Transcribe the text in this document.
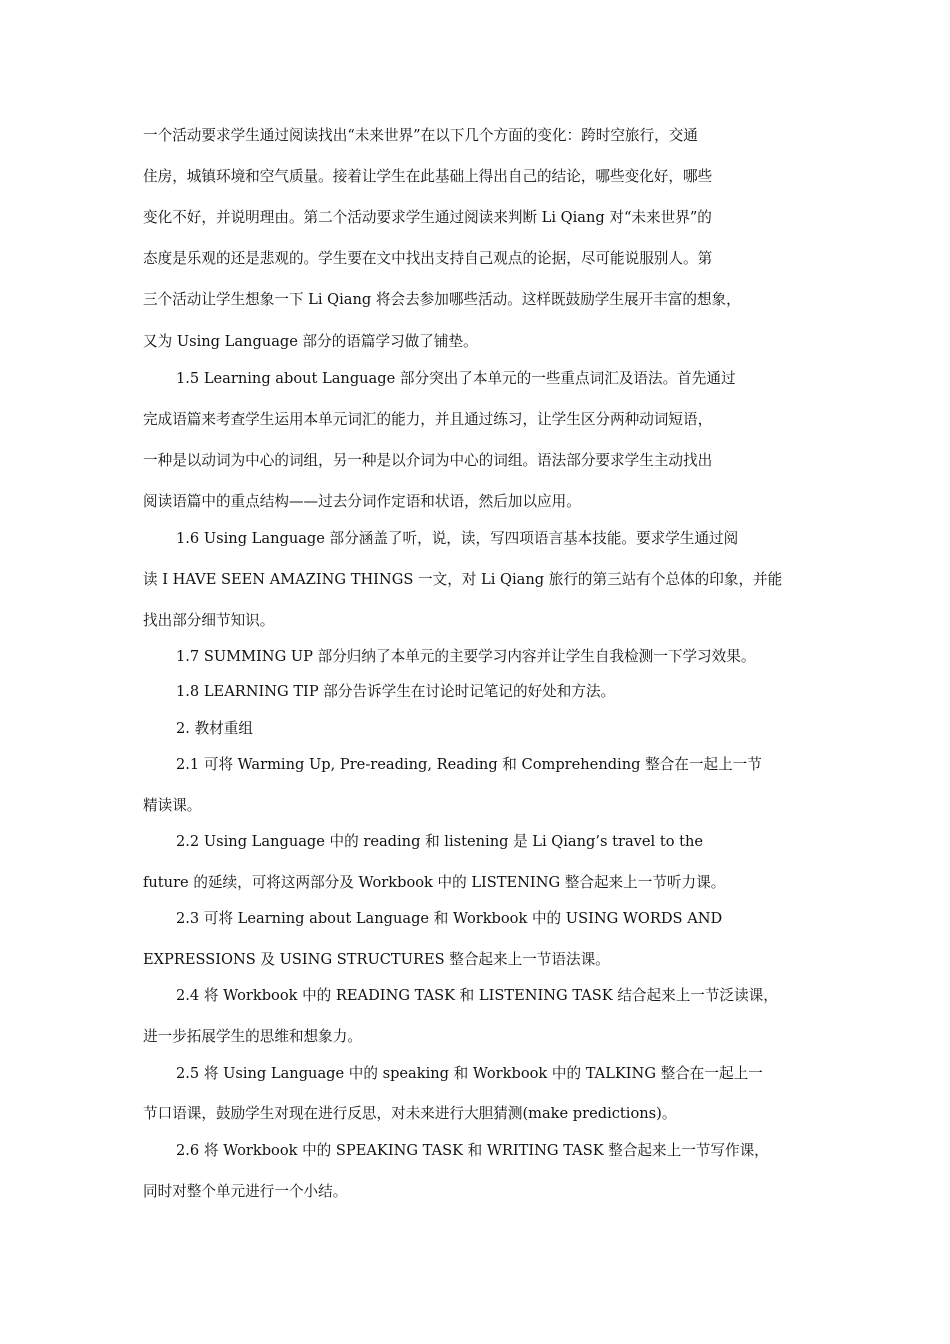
一个活动要求学生通过阅读找出“未来世界”在以下几个方面的变化：跨时空旅行，交通
住房，城镇环境和空气质量。接着让学生在此基础上得出自己的结论，哪些变化好，哪些
变化不好，并说明理由。第二个活动要求学生通过阅读来判断 Li Qiang 对“未来世界”的
态度是乐观的还是悲观的。学生要在文中找出支持自己观点的论据，尽可能说服别人。第
三个活动让学生想象一下 Li Qiang 将会去参加哪些活动。这样既鼓励学生展开丰富的想象，
又为 Using Language 部分的语篇学习做了铺垫。
1.5 Learning about Language 部分突出了本单元的一些重点词汇及语法。首先通过
完成语篇来考查学生运用本单元词汇的能力，并且通过练习，让学生区分两种动词短语，
一种是以动词为中心的词组，另一种是以介词为中心的词组。语法部分要求学生主动找出
阅读语篇中的重点结构——过去分词作定语和状语，然后加以应用。
1.6 Using Language 部分涵盖了听，说，读，写四项语言基本技能。要求学生通过阅
读 I HAVE SEEN AMAZING THINGS 一文，对 Li Qiang 旅行的第三站有个总体的印象，并能
找出部分细节知识。
1.7 SUMMING UP 部分归纳了本单元的主要学习内容并让学生自我检测一下学习效果。
1.8 LEARNING TIP 部分告诉学生在讨论时记笔记的好处和方法。
2. 教材重组
2.1 可将 Warming Up, Pre-reading, Reading 和 Comprehending 整合在一起上一节
精读课。
2.2 Using Language 中的 reading 和 listening 是 Li Qiang’s travel to the
future 的延续，可将这两部分及 Workbook 中的 LISTENING 整合起来上一节听力课。
2.3 可将 Learning about Language 和 Workbook 中的 USING WORDS AND
EXPRESSIONS 及 USING STRUCTURES 整合起来上一节语法课。
2.4 将 Workbook 中的 READING TASK 和 LISTENING TASK 结合起来上一节泛读课，
进一步拓展学生的思维和想象力。
2.5 将 Using Language 中的 speaking 和 Workbook 中的 TALKING 整合在一起上一
节口语课，鼓励学生对现在进行反思，对未来进行大胆猜测(make predictions)。
2.6 将 Workbook 中的 SPEAKING TASK 和 WRITING TASK 整合起来上一节写作课，
同时对整个单元进行一个小结。
